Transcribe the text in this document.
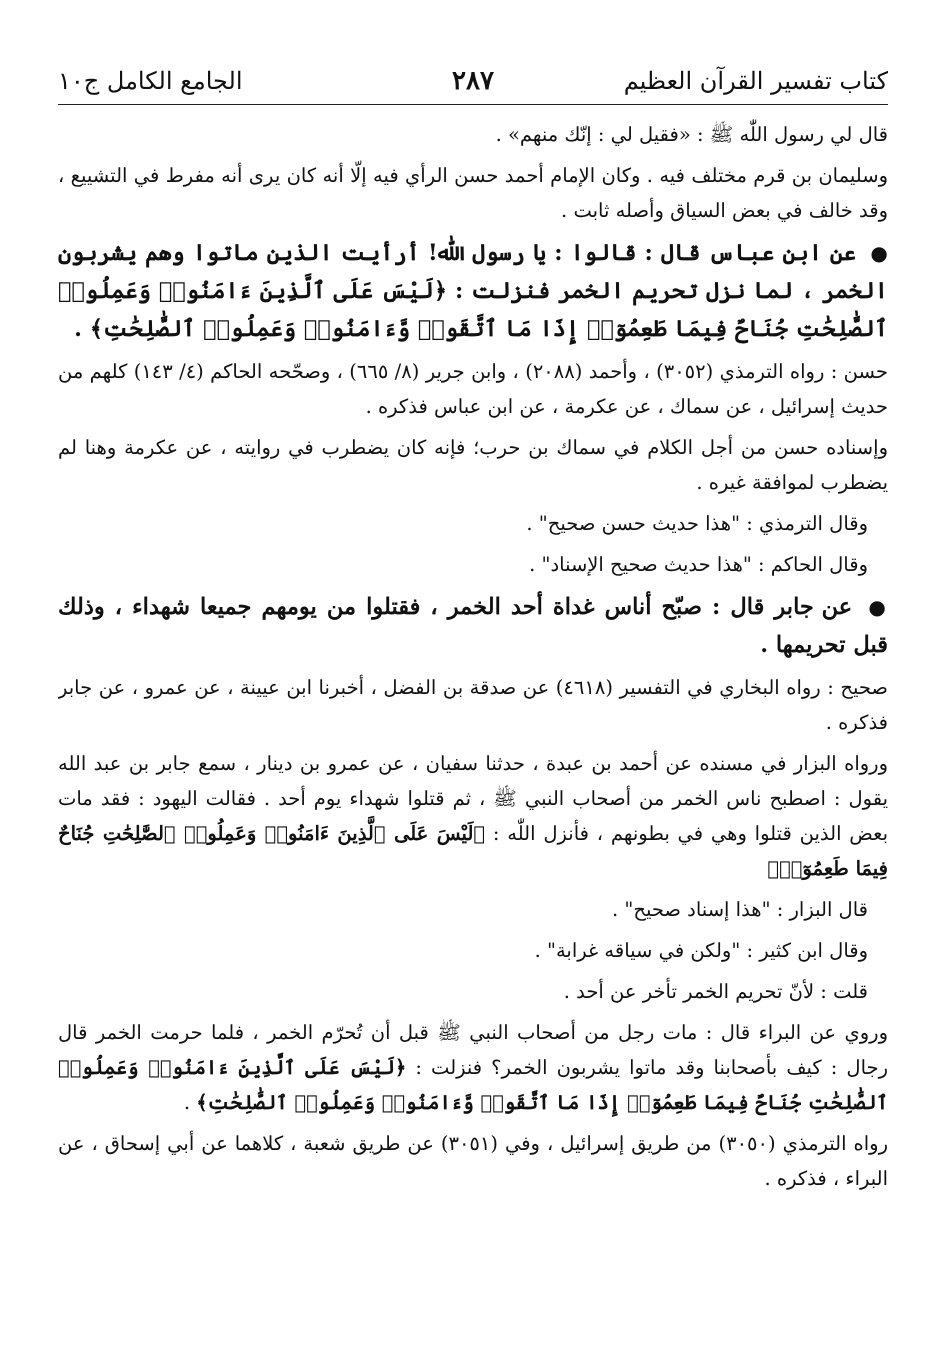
كتاب تفسير القرآن العظيم
٢٨٧
الجامع الكامل ج١٠

قال لي رسول اللّٰه ﷺ : «فقيل لي : إنّك منهم» .

وسليمان بن قرم مختلف فيه . وكان الإمام أحمد حسن الرأي فيه إلّا أنه كان يرى أنه مفرط في التشييع ، وقد خالف في بعض السياق وأصله ثابت .

● عن ابن عباس قال : قالوا : يا رسول اللّٰه! أرأيت الذين ماتوا وهم يشربون الخمر ، لما نزل تحريم الخمر فنزلت : ﴿لَيْسَ عَلَى ٱلَّذِينَ ءَامَنُوا۟ وَعَمِلُوا۟ ٱلصَّٰلِحَٰتِ جُنَاحٌ فِيمَا طَعِمُوٓا۟ إِذَا مَا ٱتَّقَوا۟ وَّءَامَنُوا۟ وَعَمِلُوا۟ ٱلصَّٰلِحَٰتِ﴾ .

حسن : رواه الترمذي (٣٠٥٢) ، وأحمد (٢٠٨٨) ، وابن جرير (٨/ ٦٦٥) ، وصحّحه الحاكم (٤/ ١٤٣) كلهم من حديث إسرائيل ، عن سماك ، عن عكرمة ، عن ابن عباس فذكره .

وإسناده حسن من أجل الكلام في سماك بن حرب؛ فإنه كان يضطرب في روايته ، عن عكرمة وهنا لم يضطرب لموافقة غيره .

وقال الترمذي : "هذا حديث حسن صحيح" .

وقال الحاكم : "هذا حديث صحيح الإسناد" .

● عن جابر قال : صبّح أناس غداة أحد الخمر ، فقتلوا من يومهم جميعا شهداء ، وذلك قبل تحريمها .

صحيح : رواه البخاري في التفسير (٤٦١٨) عن صدقة بن الفضل ، أخبرنا ابن عيينة ، عن عمرو ، عن جابر فذكره .

ورواه البزار في مسنده عن أحمد بن عبدة ، حدثنا سفيان ، عن عمرو بن دينار ، سمع جابر بن عبد الله يقول : اصطبح ناس الخمر من أصحاب النبي ﷺ ، ثم قتلوا شهداء يوم أحد . فقالت اليهود : فقد مات بعض الذين قتلوا وهي في بطونهم ، فأنزل اللّٰه : ﴿لَيْسَ عَلَى ٱلَّذِينَ ءَامَنُوا۟ وَعَمِلُوا۟ ٱلصَّٰلِحَٰتِ جُنَاحٌ فِيمَا طَعِمُوٓا۟﴾

قال البزار : "هذا إسناد صحيح" .

وقال ابن كثير : "ولكن في سياقه غرابة" .

قلت : لأنّ تحريم الخمر تأخر عن أحد .

وروي عن البراء قال : مات رجل من أصحاب النبي ﷺ قبل أن تُحرّم الخمر ، فلما حرمت الخمر قال رجال : كيف بأصحابنا وقد ماتوا يشربون الخمر؟ فنزلت : ﴿لَيْسَ عَلَى ٱلَّذِينَ ءَامَنُوا۟ وَعَمِلُوا۟ ٱلصَّٰلِحَٰتِ جُنَاحٌ فِيمَا طَعِمُوٓا۟ إِذَا مَا ٱتَّقَوا۟ وَّءَامَنُوا۟ وَعَمِلُوا۟ ٱلصَّٰلِحَٰتِ﴾ .

رواه الترمذي (٣٠٥٠) من طريق إسرائيل ، وفي (٣٠٥١) عن طريق شعبة ، كلاهما عن أبي إسحاق ، عن البراء ، فذكره .
